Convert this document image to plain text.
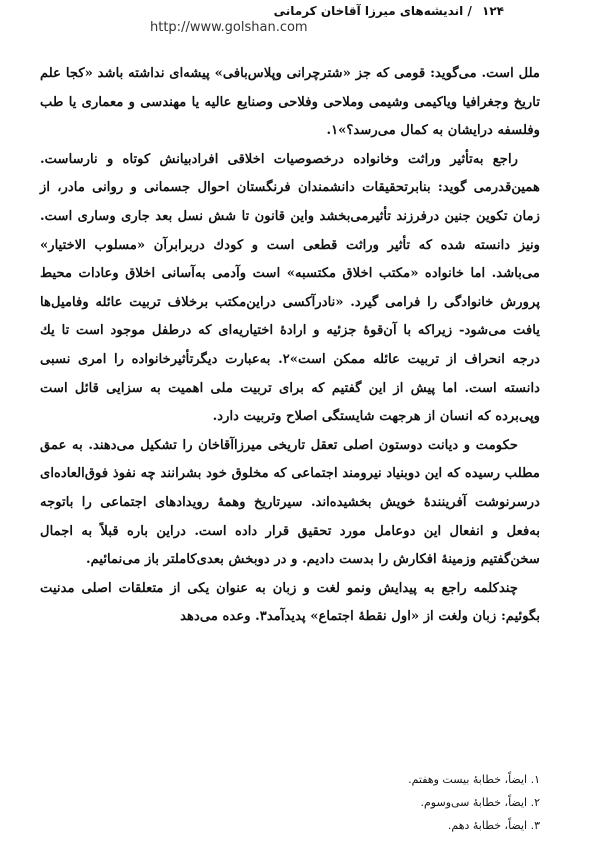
۱۲۴ / اندیشه‌های میرزا آقاخان کرمانی
http://www.golshan.com

ملل است. می‌گوید: قومی که جز «شترچرانی وپلاس‌بافی» پیشه‌ای نداشته باشد «کجا علم تاریخ وجغرافیا ویاکیمی وشیمی وملاحی وفلاحی وصنایع عالیه یا مهندسی و معماری یا طب وفلسفه درایشان به کمال می‌رسد؟»۱.

راجع به‌تأثیر وراثت وخانواده درخصوصیات اخلاقی افرادبیانش کوتاه و نارساست. همین‌قدرمی گوید: بنابرتحقیقات دانشمندان فرنگستان احوال جسمانی و روانی مادر، از زمان تکوین جنین درفرزند تأثیرمی‌بخشد واین قانون تا شش نسل بعد جاری وساری است. ونیز دانسته شده که تأثیر وراثت قطعی است و کودك دربرابرآن «مسلوب الاختیار» می‌باشد. اما خانواده «مکتب اخلاق مکتسبه» است وآدمی به‌آسانی اخلاق وعادات محیط پرورش خانوادگی را فرامی گیرد. «نادرآکسی دراین‌مکتب برخلاف تربیت عائله وفامیل‌ها یافت می‌شود- زیراکه با آن‌قوۀ جزئیه و ارادۀ اختیاریه‌ای که درطفل موجود است تا یك درجه انحراف از تربیت عائله ممکن است»۲. به‌عبارت دیگرتأثیرخانواده را امری نسبی دانسته است. اما پیش از این گفتیم که برای تربیت ملی اهمیت به سزایی قائل است وپی‌برده که انسان از هرجهت شایستگی اصلاح وتربیت دارد.

حکومت و دیانت دوستون اصلی تعقل تاریخی میرزاآقاخان را تشکیل می‌دهند. به عمق مطلب رسیده که این دوبنیاد نیرومند اجتماعی که مخلوق خود بشرانند چه نفوذ فوق‌العاده‌ای درسرنوشت آفرینندۀ خویش بخشیده‌اند. سیرتاریخ وهمۀ رویدادهای اجتماعی را باتوجه به‌فعل و انفعال این دوعامل مورد تحقیق قرار داده است. دراین باره قبلاً به اجمال سخن‌گفتیم وزمینۀ افکارش را بدست دادیم. و در دوبخش بعدی‌کاملتر باز می‌نمائیم.

چندکلمه راجع به پیدایش ونمو لغت و زبان به عنوان یکی از متعلقات اصلی مدنیت بگوئیم: زبان ولغت از «اول نقطۀ اجتماع» پدیدآمد۳. وعده می‌دهد

۱. ایضاً، خطابۀ بیست وهفتم.
۲. ایضاً، خطابۀ سی‌وسوم.
۳. ایضاً، خطابۀ دهم.
